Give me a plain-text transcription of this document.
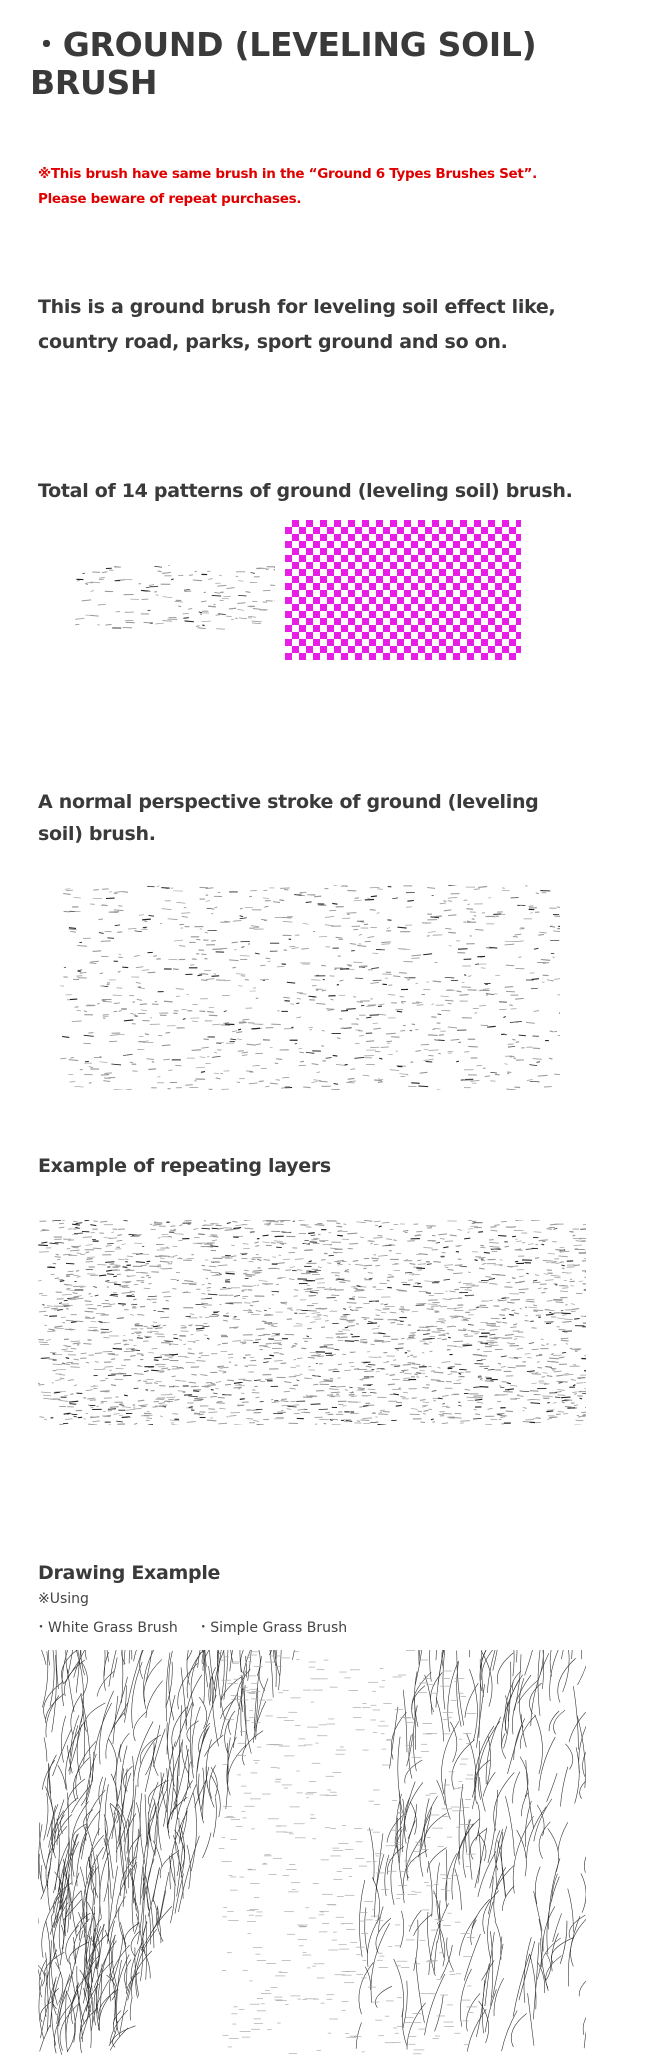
・GROUND (LEVELING SOIL) BRUSH
※This brush have same brush in the “Ground 6 Types Brushes Set”.
Please beware of repeat purchases.
This is a ground brush for leveling soil effect like,
country road, parks, sport ground and so on.
Total of 14 patterns of ground (leveling soil) brush.
A normal perspective stroke of ground (leveling soil) brush.
Example of repeating layers
Drawing Example
※Using
・White Grass Brush ・Simple Grass Brush
